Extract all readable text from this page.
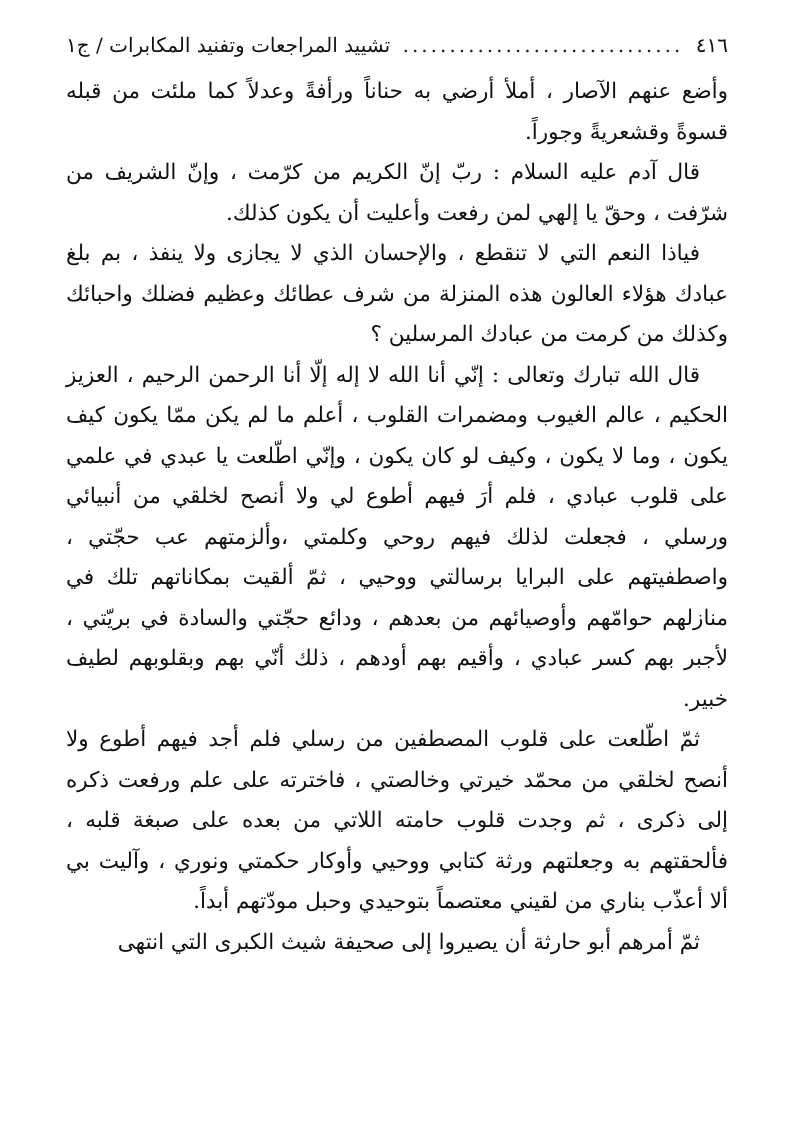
٤١٦
..............................
تشييد المراجعات وتفنيد المكابرات / ج١

وأضع عنهم الآصار ، أملأ أرضي به حناناً ورأفةً وعدلاً كما ملئت من قبله قسوةً وقشعريةً وجوراً.

قال آدم عليه السلام : ربّ إنّ الكريم من كرّمت ، وإنّ الشريف من شرّفت ، وحقّ يا إلهي لمن رفعت وأعليت أن يكون كذلك.

فياذا النعم التي لا تنقطع ، والإحسان الذي لا يجازى ولا ينفذ ، بم بلغ عبادك هؤلاء العالون هذه المنزلة من شرف عطائك وعظيم فضلك واحبائك وكذلك من كرمت من عبادك المرسلين ؟

قال الله تبارك وتعالى : إنّي أنا الله لا إله إلّا أنا الرحمن الرحيم ، العزيز الحكيم ، عالم الغيوب ومضمرات القلوب ، أعلم ما لم يكن ممّا يكون كيف يكون ، وما لا يكون ، وكيف لو كان يكون ، وإنّي اطّلعت يا عبدي في علمي على قلوب عبادي ، فلم أرَ فيهم أطوع لي ولا أنصح لخلقي من أنبيائي ورسلي ، فجعلت لذلك فيهم روحي وكلمتي ،وألزمتهم عب حجّتي ، واصطفيتهم على البرايا برسالتي ووحيي ، ثمّ ألقيت بمكاناتهم تلك في منازلهم حوامّهم وأوصيائهم من بعدهم ، ودائع حجّتي والسادة في بريّتي ، لأجبر بهم كسر عبادي ، وأقيم بهم أودهم ، ذلك أنّي بهم وبقلوبهم لطيف خبير.

ثمّ اطّلعت على قلوب المصطفين من رسلي فلم أجد فيهم أطوع ولا أنصح لخلقي من محمّد خيرتي وخالصتي ، فاخترته على علم ورفعت ذكره إلى ذكرى ، ثم وجدت قلوب حامته اللاتي من بعده على صبغة قلبه ، فألحقتهم به وجعلتهم ورثة كتابي ووحيي وأوكار حكمتي ونوري ، وآليت بي ألا أعذّب بناري من لقيني معتصماً بتوحيدي وحبل مودّتهم أبداً.

ثمّ أمرهم أبو حارثة أن يصيروا إلى صحيفة شيث الكبرى التي انتهى
